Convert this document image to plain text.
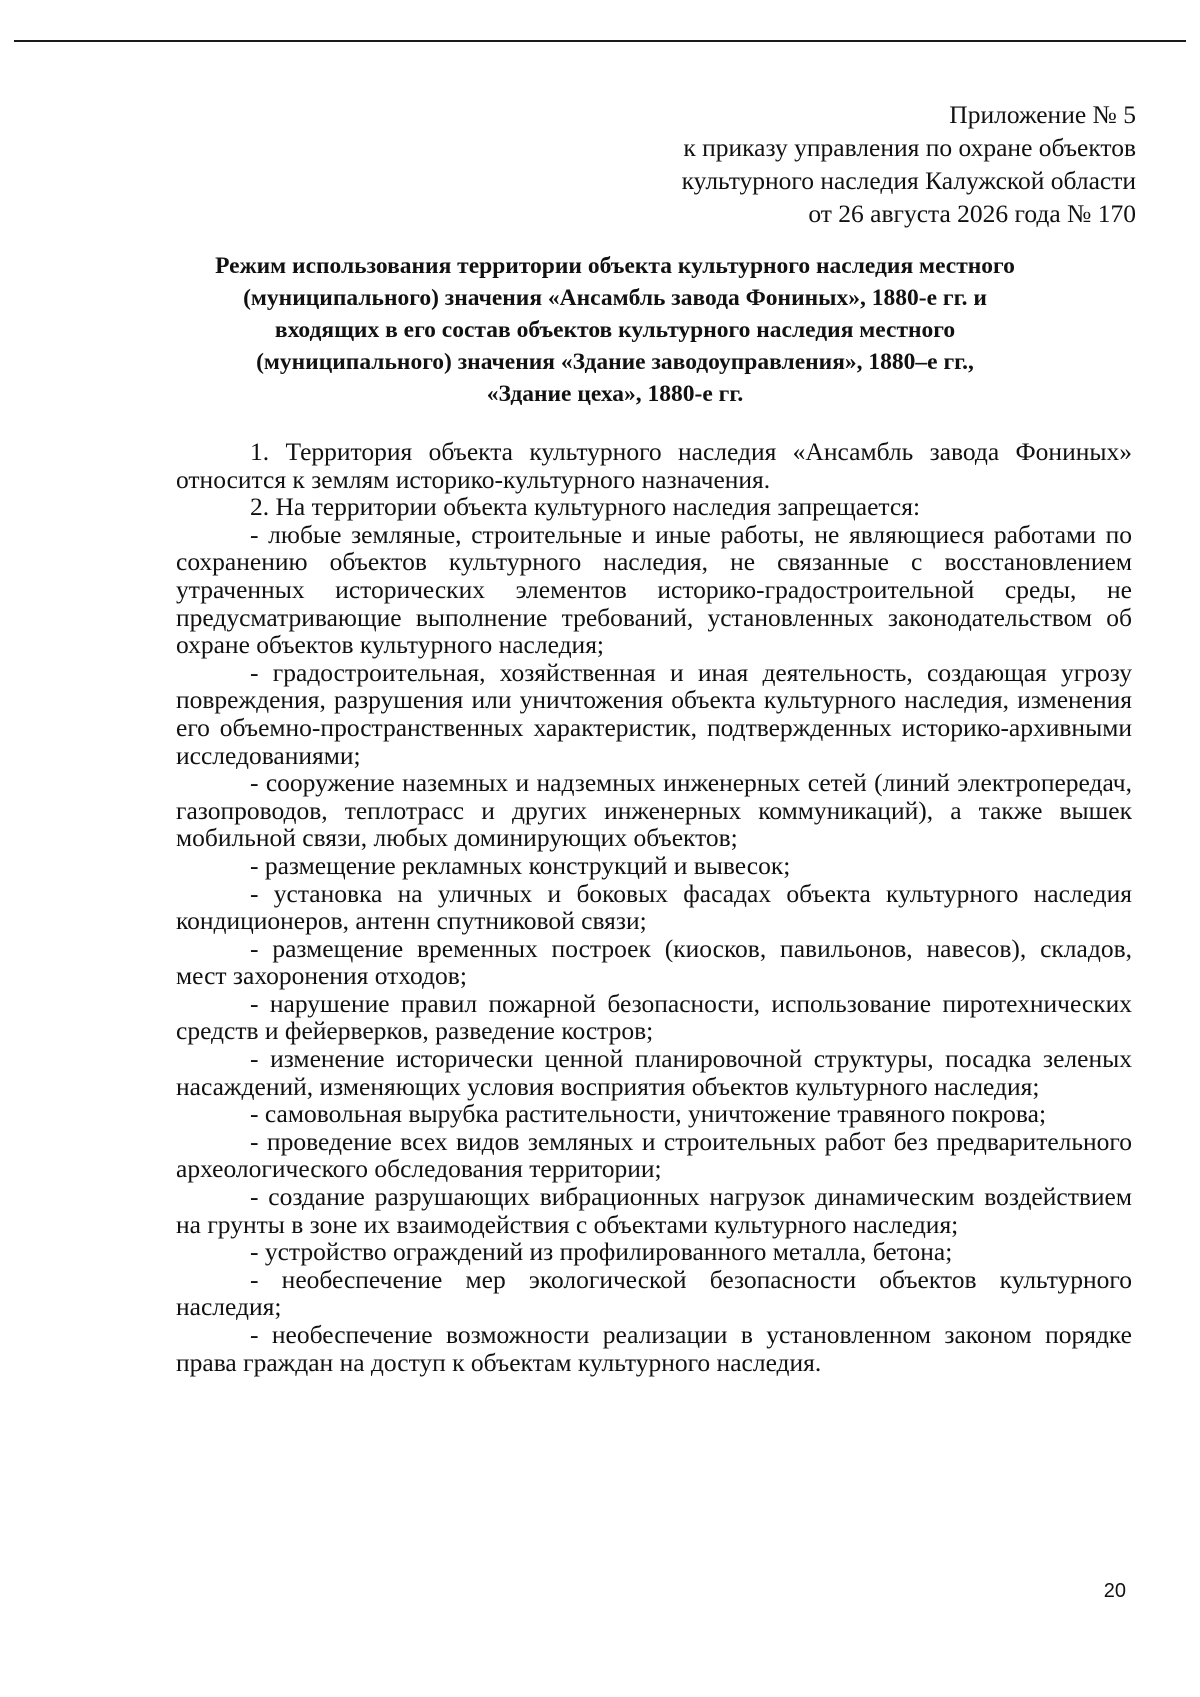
Приложение № 5
к приказу управления по охране объектов
культурного наследия Калужской области
от 26 августа 2026 года № 170
Режим использования территории объекта культурного наследия местного
(муниципального) значения «Ансамбль завода Фониных», 1880-е гг. и
входящих в его состав объектов культурного наследия местного
(муниципального) значения «Здание заводоуправления», 1880–е гг.,
«Здание цеха», 1880-е гг.

1. Территория объекта культурного наследия «Ансамбль завода Фониных» относится к землям историко-культурного назначения.

2. На территории объекта культурного наследия запрещается:

- любые земляные, строительные и иные работы, не являющиеся работами по сохранению объектов культурного наследия, не связанные с восстановлением утраченных исторических элементов историко-градостроительной среды, не предусматривающие выполнение требований, установленных законодательством об охране объектов культурного наследия;

- градостроительная, хозяйственная и иная деятельность, создающая угрозу повреждения, разрушения или уничтожения объекта культурного наследия, изменения его объемно-пространственных характеристик, подтвержденных историко-архивными исследованиями;

- сооружение наземных и надземных инженерных сетей (линий электропередач, газопроводов, теплотрасс и других инженерных коммуникаций), а также вышек мобильной связи, любых доминирующих объектов;

- размещение рекламных конструкций и вывесок;

- установка на уличных и боковых фасадах объекта культурного наследия кондиционеров, антенн спутниковой связи;

- размещение временных построек (киосков, павильонов, навесов), складов, мест захоронения отходов;

- нарушение правил пожарной безопасности, использование пиротехнических средств и фейерверков, разведение костров;

- изменение исторически ценной планировочной структуры, посадка зеленых насаждений, изменяющих условия восприятия объектов культурного наследия;

- самовольная вырубка растительности, уничтожение травяного покрова;

- проведение всех видов земляных и строительных работ без предварительного археологического обследования территории;

- создание разрушающих вибрационных нагрузок динамическим воздействием на грунты в зоне их взаимодействия с объектами культурного наследия;

- устройство ограждений из профилированного металла, бетона;

- необеспечение мер экологической безопасности объектов культурного наследия;

- необеспечение возможности реализации в установленном законом порядке права граждан на доступ к объектам культурного наследия.

20
